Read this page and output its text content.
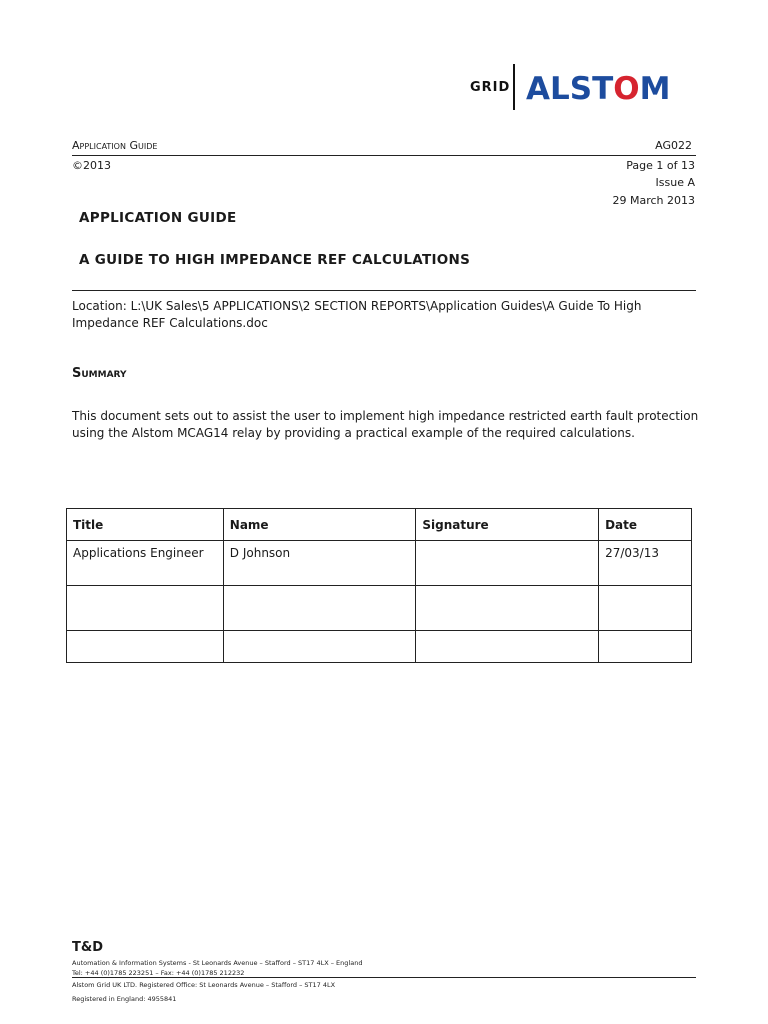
GRID ALSTOM
Application Guide	AG022
©2013	Page 1 of 13
Issue A
29 March 2013
APPLICATION GUIDE
A GUIDE TO HIGH IMPEDANCE REF CALCULATIONS
Location: L:\UK Sales\5 APPLICATIONS\2 SECTION REPORTS\Application Guides\A Guide To High Impedance REF Calculations.doc
Summary
This document sets out to assist the user to implement high impedance restricted earth fault protection using the Alstom MCAG14 relay by providing a practical example of the required calculations.
Title	Name	Signature	Date
Applications Engineer	D Johnson		27/03/13

T&D
Automation & Information Systems - St Leonards Avenue – Stafford – ST17 4LX – England
Tel: +44 (0)1785 223251 – Fax: +44 (0)1785 212232
Alstom Grid UK LTD. Registered Office: St Leonards Avenue – Stafford – ST17 4LX
Registered in England: 4955841
